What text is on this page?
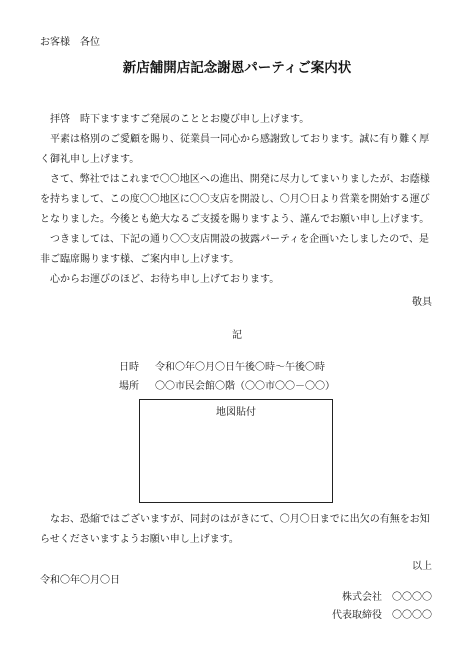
お客様　各位
新店舗開店記念謝恩パーティご案内状

　拝啓　時下ますますご発展のこととお慶び申し上げます。

　平素は格別のご愛顧を賜り、従業員一同心から感謝致しております。誠に有り難く厚く御礼申し上げます。

　さて、弊社ではこれまで〇〇地区への進出、開発に尽力してまいりましたが、お蔭様を持ちまして、この度〇〇地区に〇〇支店を開設し、〇月〇日より営業を開始する運びとなりました。今後とも絶大なるご支援を賜りますよう、謹んでお願い申し上げます。

　つきましては、下記の通り〇〇支店開設の披露パーティを企画いたしましたので、是非ご臨席賜ります様、ご案内申し上げます。

　心からお運びのほど、お待ち申し上げております。

敬具
記
日時 令和〇年〇月〇日午後〇時～午後〇時
場所 〇〇市民会館〇階（〇〇市〇〇－〇〇）
地図貼付
　なお、恐縮ではございますが、同封のはがきにて、〇月〇日までに出欠の有無をお知らせくださいますようお願い申し上げます。
以上
令和〇年〇月〇日
株式会社　〇〇〇〇
代表取締役　〇〇〇〇
